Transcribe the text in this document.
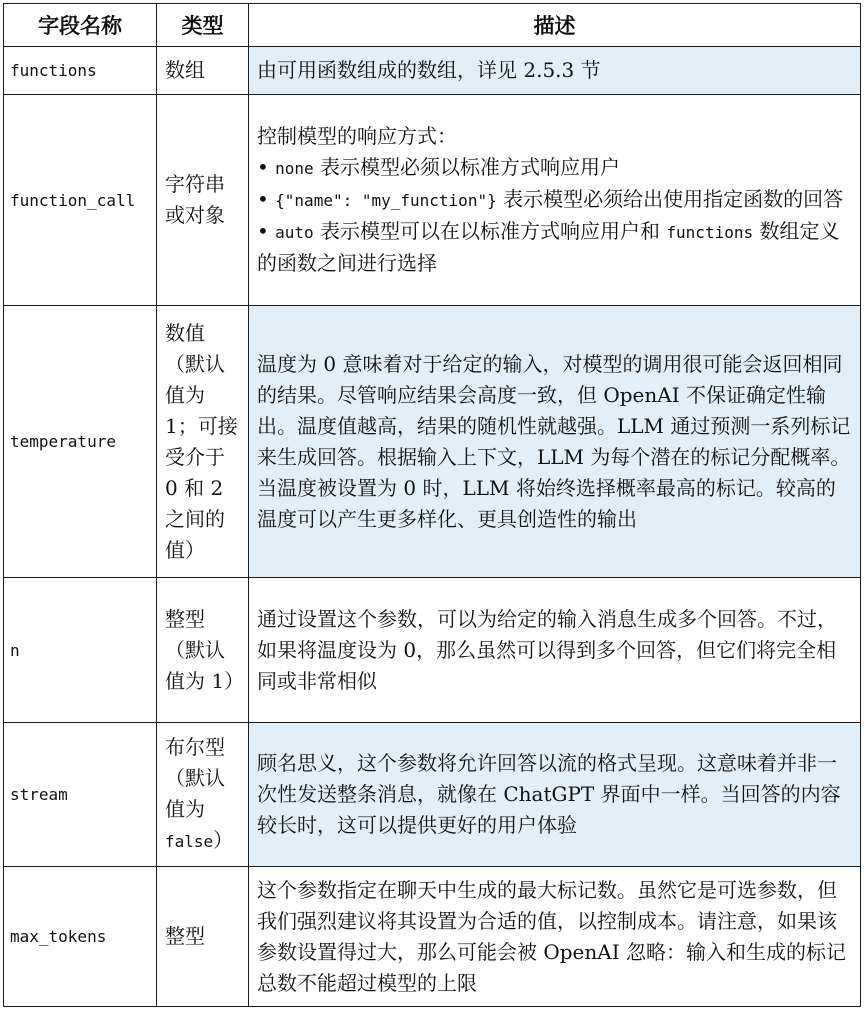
字段名称	类型	描述
functions	数组	由可用函数组成的数组，详见 2.5.3 节
function_call	字符串或对象	控制模型的响应方式：
• none 表示模型必须以标准方式响应用户
• {"name": "my_function"} 表示模型必须给出使用指定函数的回答
• auto 表示模型可以在以标准方式响应用户和 functions 数组定义的函数之间进行选择

temperature	数值（默认值为 1；可接受介于 0 和 2 之间的值）	温度为 0 意味着对于给定的输入，对模型的调用很可能会返回相同的结果。尽管响应结果会高度一致，但 OpenAI 不保证确定性输出。温度值越高，结果的随机性就越强。LLM 通过预测一系列标记来生成回答。根据输入上下文，LLM 为每个潜在的标记分配概率。当温度被设置为 0 时，LLM 将始终选择概率最高的标记。较高的温度可以产生更多样化、更具创造性的输出
n	整型（默认值为 1）	通过设置这个参数，可以为给定的输入消息生成多个回答。不过，如果将温度设为 0，那么虽然可以得到多个回答，但它们将完全相同或非常相似
stream	布尔型（默认值为 false）	顾名思义，这个参数将允许回答以流的格式呈现。这意味着并非一次性发送整条消息，就像在 ChatGPT 界面中一样。当回答的内容较长时，这可以提供更好的用户体验
max_tokens	整型	这个参数指定在聊天中生成的最大标记数。虽然它是可选参数，但我们强烈建议将其设置为合适的值，以控制成本。请注意，如果该参数设置得过大，那么可能会被 OpenAI 忽略：输入和生成的标记总数不能超过模型的上限
